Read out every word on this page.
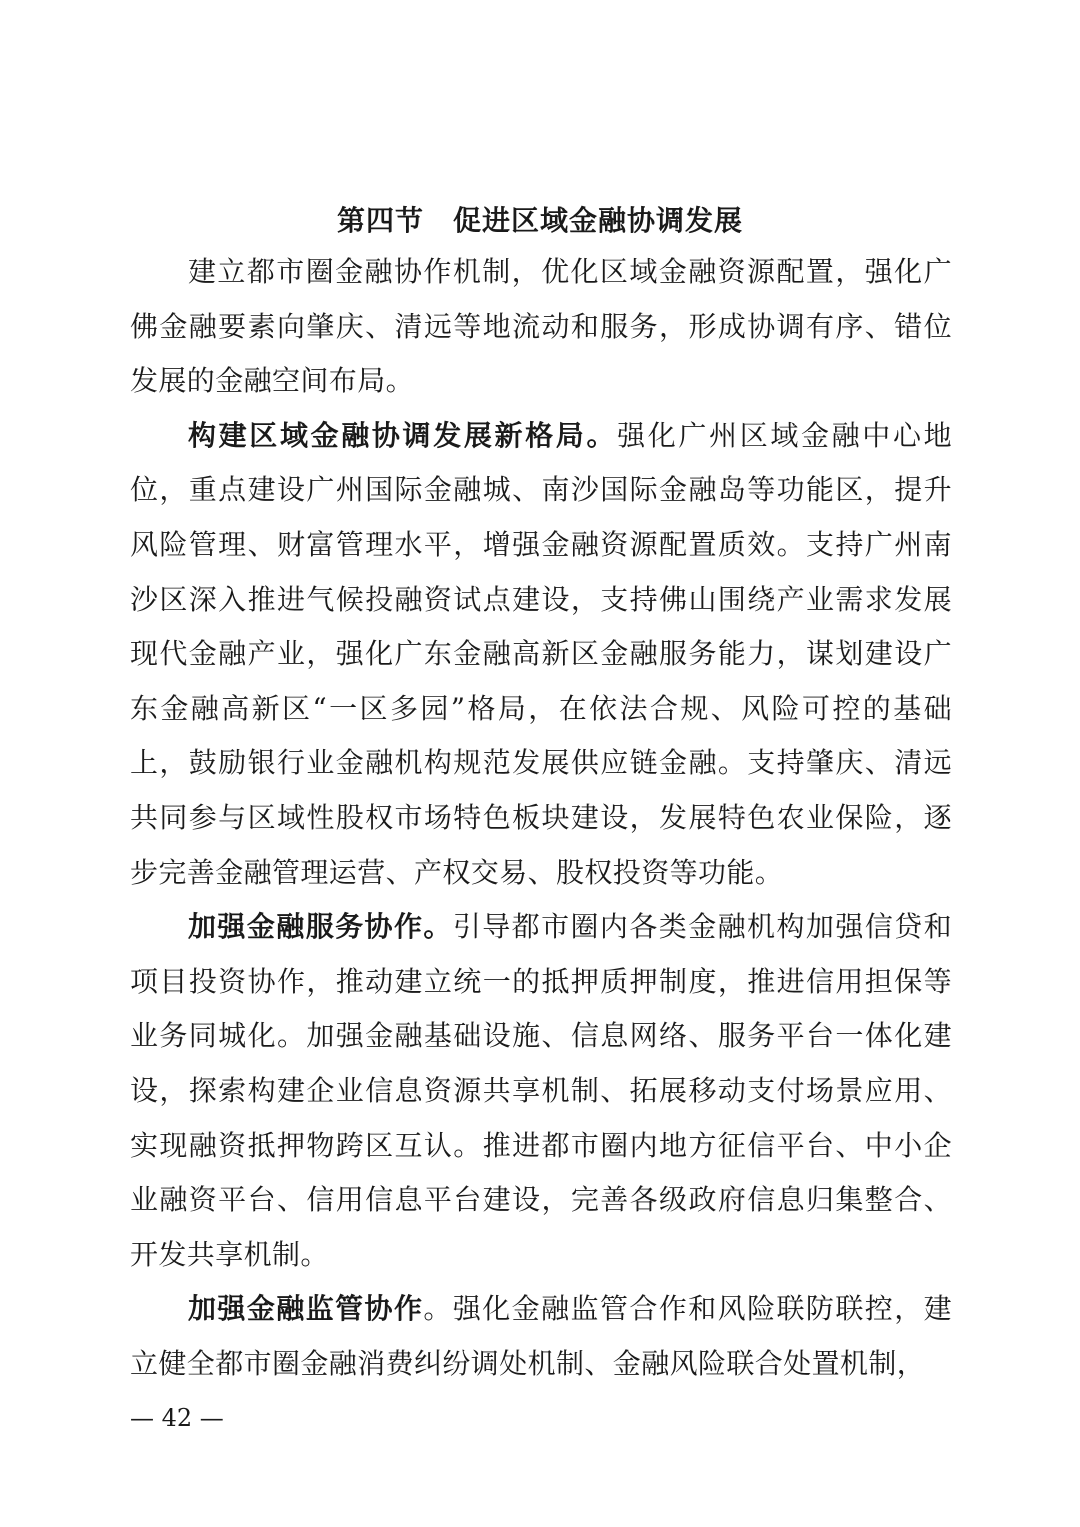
第四节　促进区域金融协调发展

建立都市圈金融协作机制，优化区域金融资源配置，强化广佛金融要素向肇庆、清远等地流动和服务，形成协调有序、错位发展的金融空间布局。

构建区域金融协调发展新格局。强化广州区域金融中心地位，重点建设广州国际金融城、南沙国际金融岛等功能区，提升风险管理、财富管理水平，增强金融资源配置质效。支持广州南沙区深入推进气候投融资试点建设，支持佛山围绕产业需求发展现代金融产业，强化广东金融高新区金融服务能力，谋划建设广东金融高新区“一区多园”格局，在依法合规、风险可控的基础上，鼓励银行业金融机构规范发展供应链金融。支持肇庆、清远共同参与区域性股权市场特色板块建设，发展特色农业保险，逐步完善金融管理运营、产权交易、股权投资等功能。

加强金融服务协作。引导都市圈内各类金融机构加强信贷和项目投资协作，推动建立统一的抵押质押制度，推进信用担保等业务同城化。加强金融基础设施、信息网络、服务平台一体化建设，探索构建企业信息资源共享机制、拓展移动支付场景应用、实现融资抵押物跨区互认。推进都市圈内地方征信平台、中小企业融资平台、信用信息平台建设，完善各级政府信息归集整合、开发共享机制。

加强金融监管协作。强化金融监管合作和风险联防联控，建立健全都市圈金融消费纠纷调处机制、金融风险联合处置机制，

— 42 —
